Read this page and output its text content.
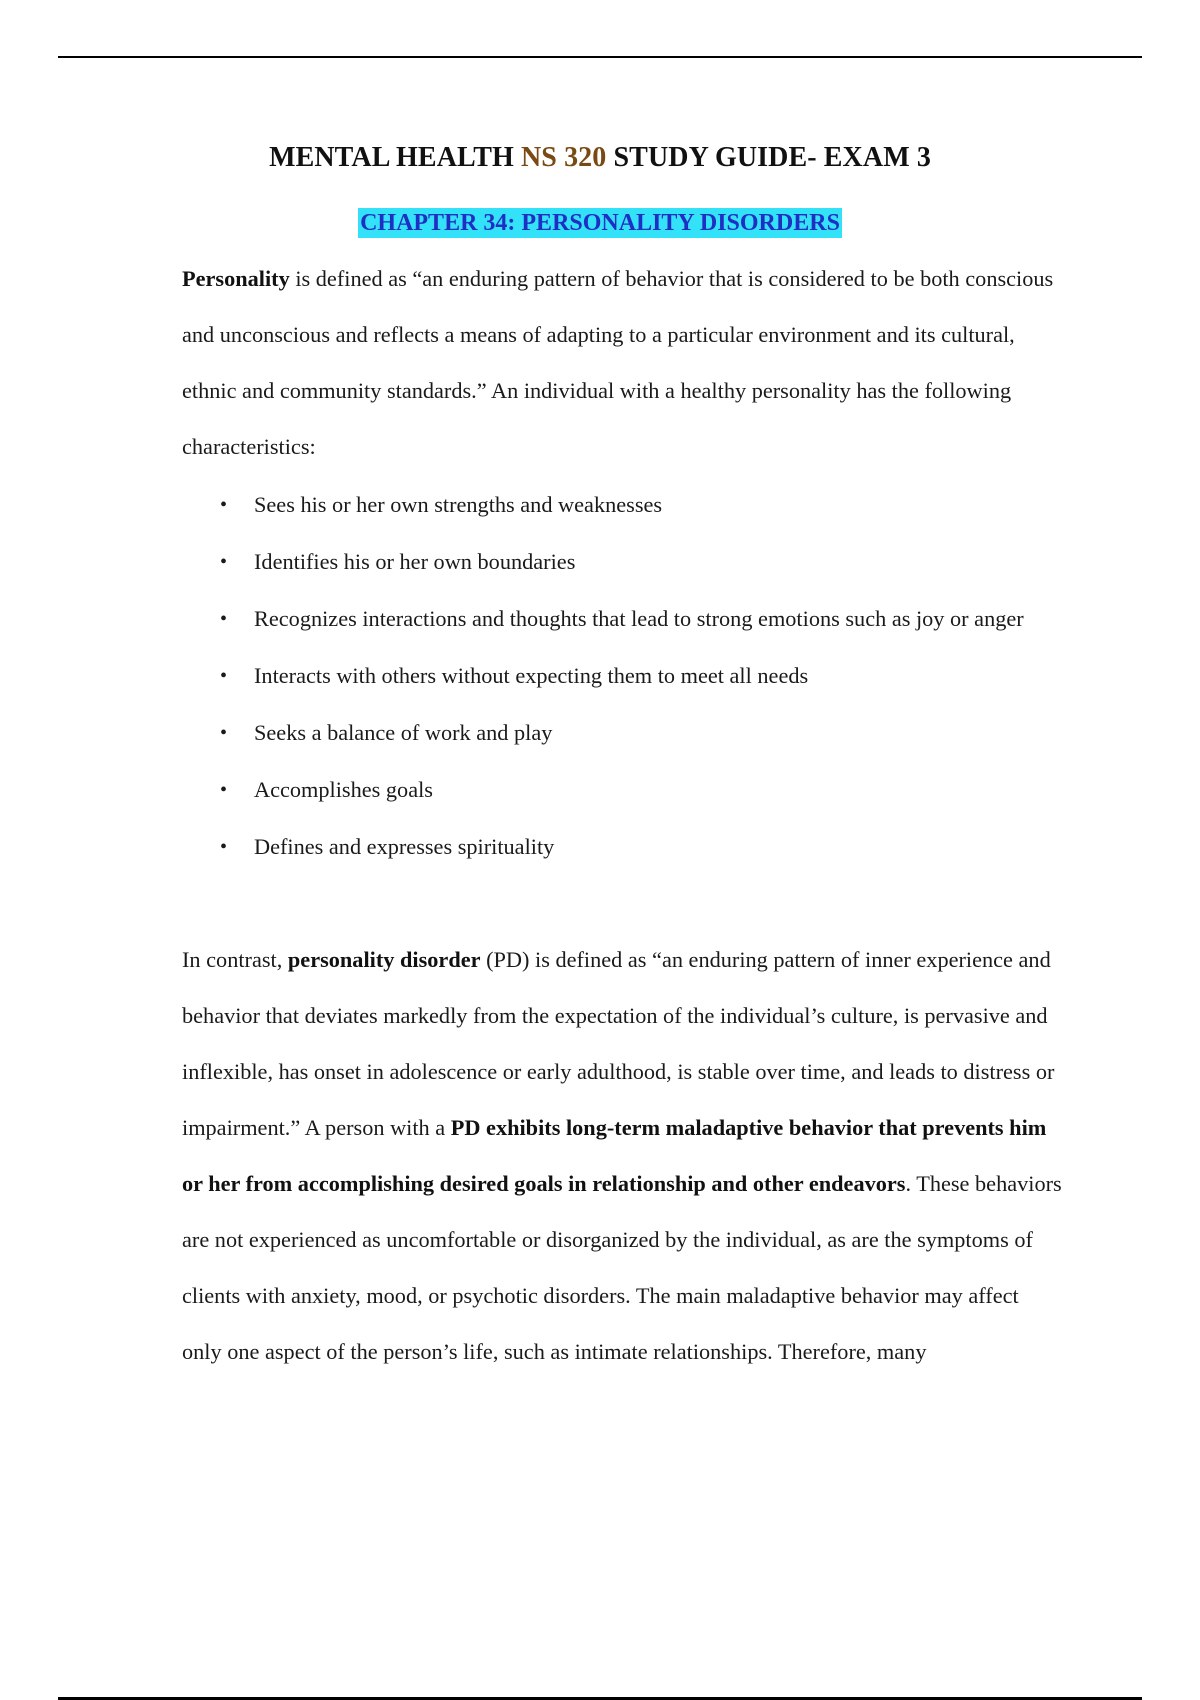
MENTAL HEALTH NS 320 STUDY GUIDE- EXAM 3
CHAPTER 34: PERSONALITY DISORDERS

Personality is defined as “an enduring pattern of behavior that is considered to be both conscious and unconscious and reflects a means of adapting to a particular environment and its cultural, ethnic and community standards.” An individual with a healthy personality has the following characteristics:

• Sees his or her own strengths and weaknesses
• Identifies his or her own boundaries
• Recognizes interactions and thoughts that lead to strong emotions such as joy or anger
• Interacts with others without expecting them to meet all needs
• Seeks a balance of work and play
• Accomplishes goals
• Defines and expresses spirituality

In contrast, personality disorder (PD) is defined as “an enduring pattern of inner experience and behavior that deviates markedly from the expectation of the individual’s culture, is pervasive and inflexible, has onset in adolescence or early adulthood, is stable over time, and leads to distress or impairment.” A person with a PD exhibits long-term maladaptive behavior that prevents him or her from accomplishing desired goals in relationship and other endeavors. These behaviors are not experienced as uncomfortable or disorganized by the individual, as are the symptoms of clients with anxiety, mood, or psychotic disorders. The main maladaptive behavior may affect only one aspect of the person’s life, such as intimate relationships. Therefore, many
